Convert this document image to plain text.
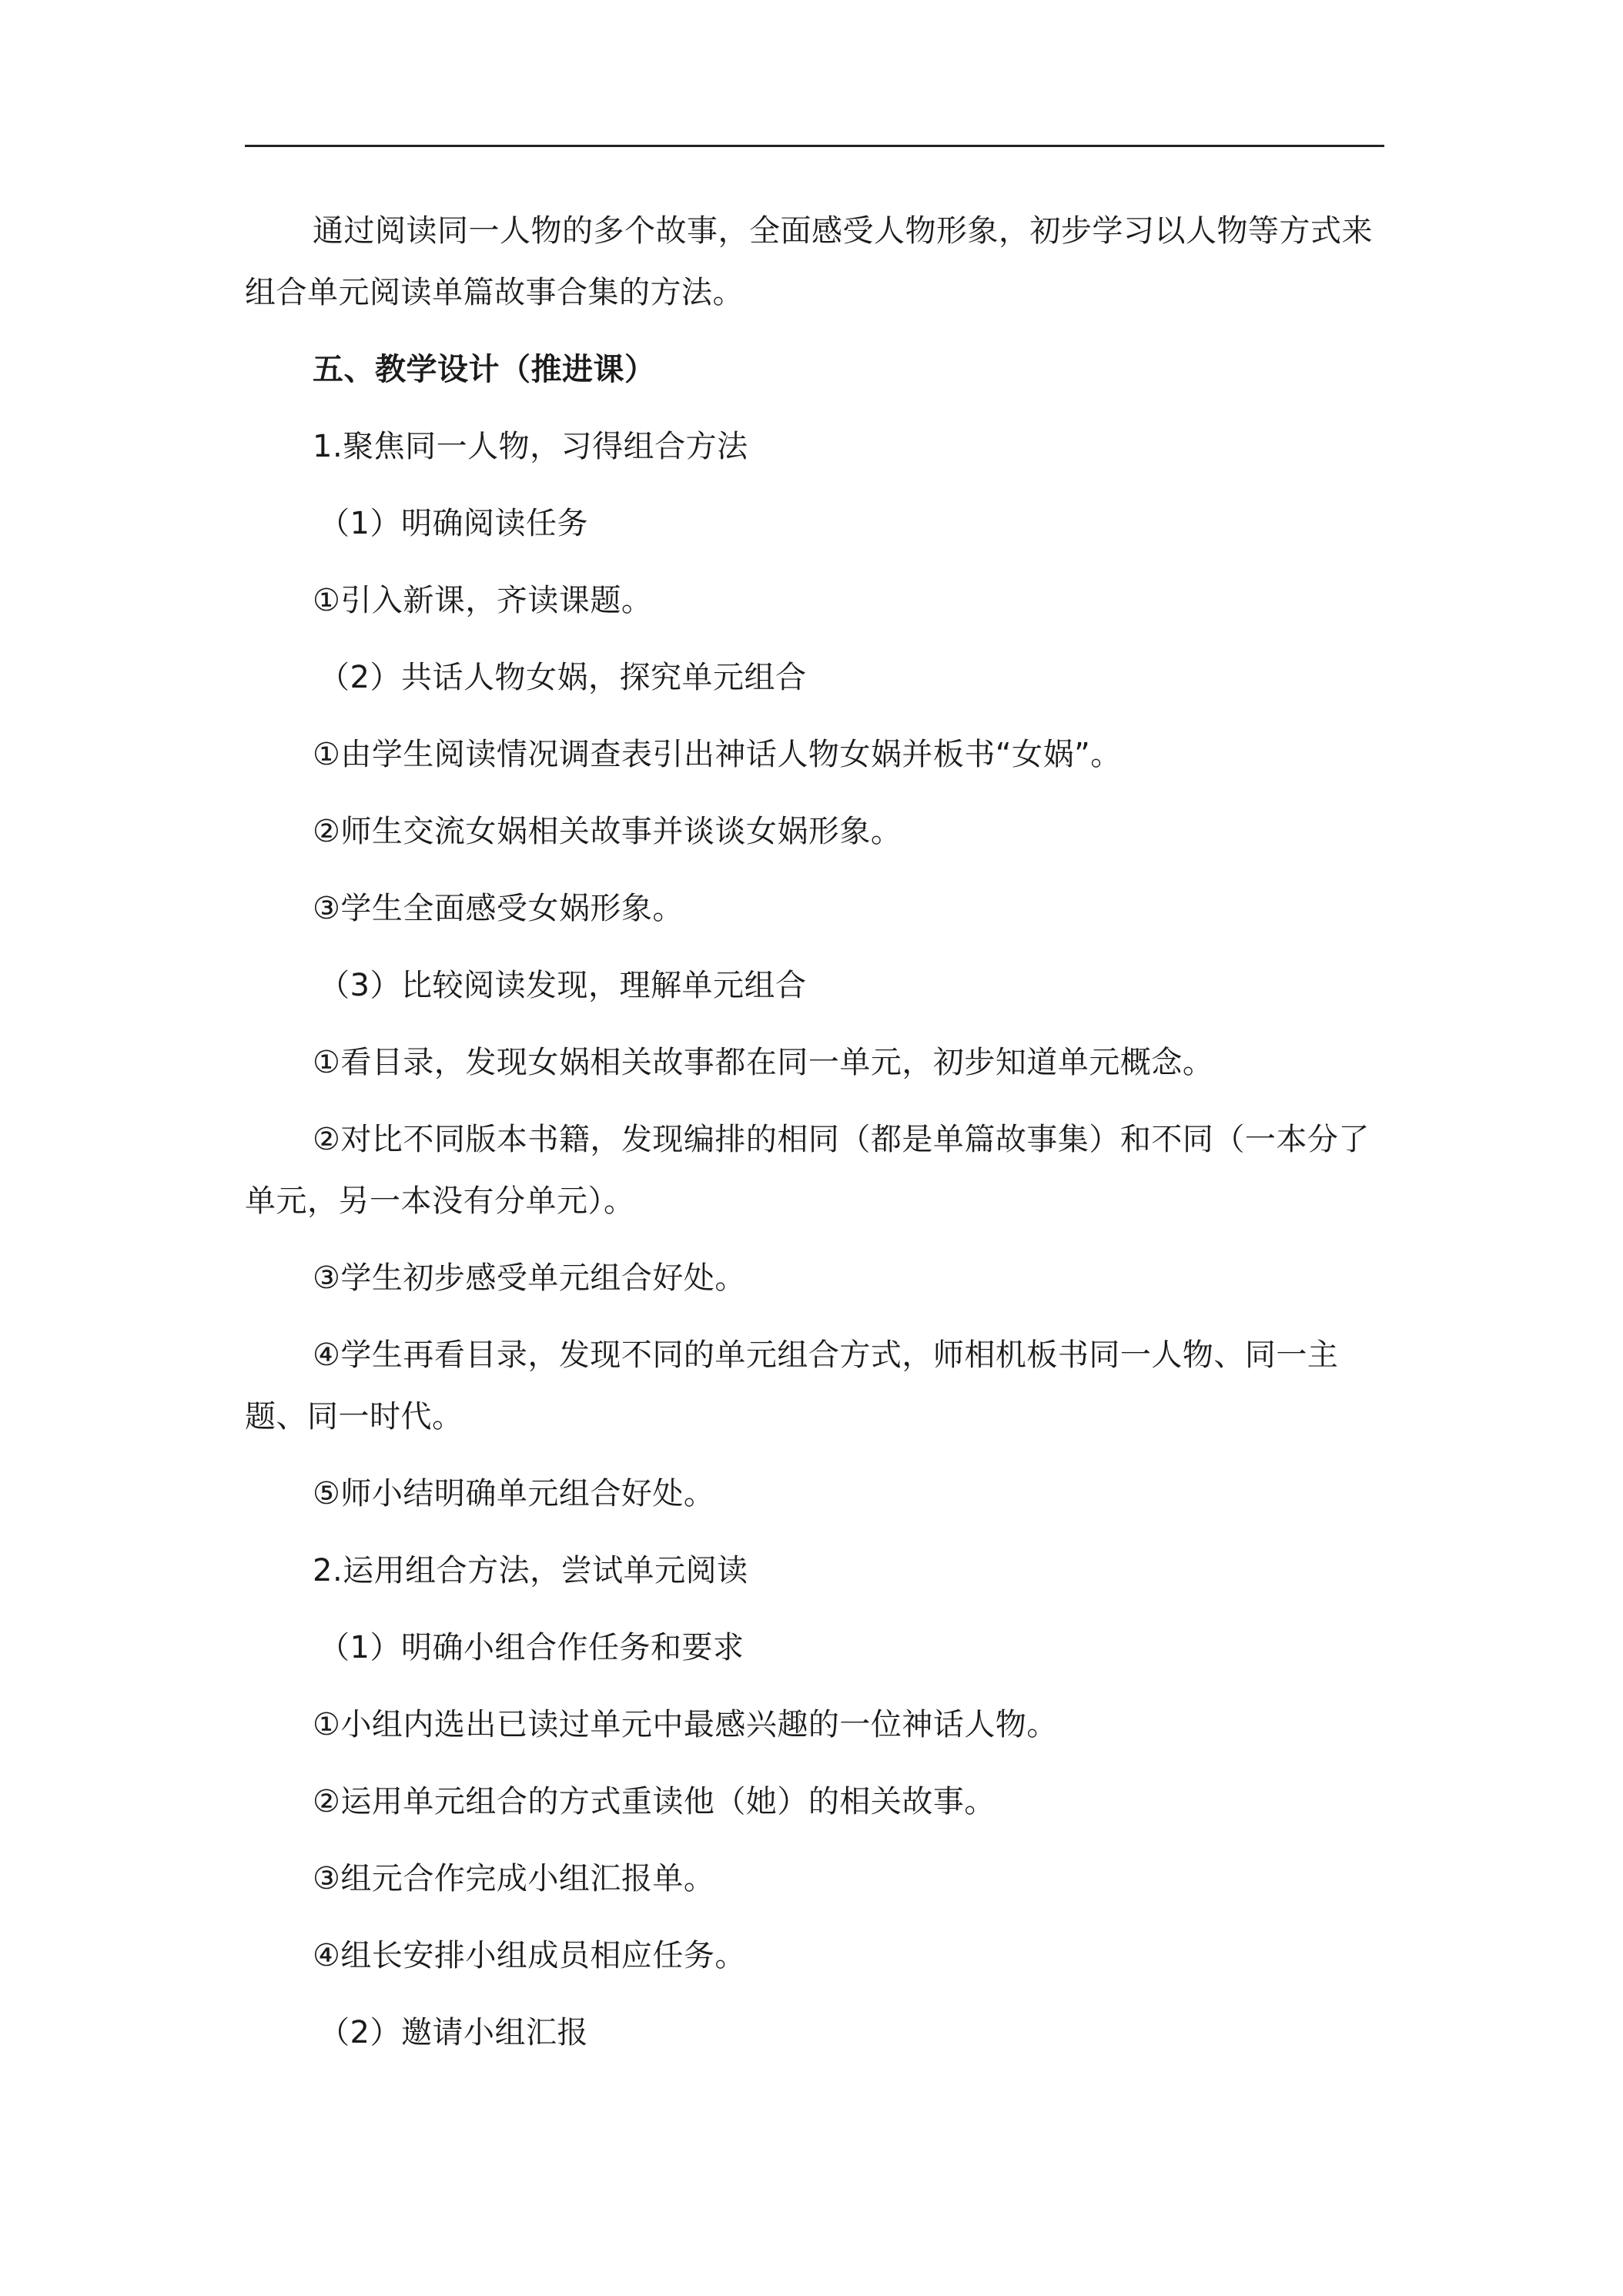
通过阅读同一人物的多个故事，全面感受人物形象，初步学习以人物等方式来组合单元阅读单篇故事合集的方法。

五、教学设计（推进课）

1.聚焦同一人物，习得组合方法

（1）明确阅读任务

①引入新课，齐读课题。

（2）共话人物女娲，探究单元组合

①由学生阅读情况调查表引出神话人物女娲并板书“女娲”。

②师生交流女娲相关故事并谈谈女娲形象。

③学生全面感受女娲形象。

（3）比较阅读发现，理解单元组合

①看目录，发现女娲相关故事都在同一单元，初步知道单元概念。

②对比不同版本书籍，发现编排的相同（都是单篇故事集）和不同（一本分了单元，另一本没有分单元）。

③学生初步感受单元组合好处。

④学生再看目录，发现不同的单元组合方式，师相机板书同一人物、同一主题、同一时代。

⑤师小结明确单元组合好处。

2.运用组合方法，尝试单元阅读

（1）明确小组合作任务和要求

①小组内选出已读过单元中最感兴趣的一位神话人物。

②运用单元组合的方式重读他（她）的相关故事。

③组元合作完成小组汇报单。

④组长安排小组成员相应任务。

（2）邀请小组汇报
